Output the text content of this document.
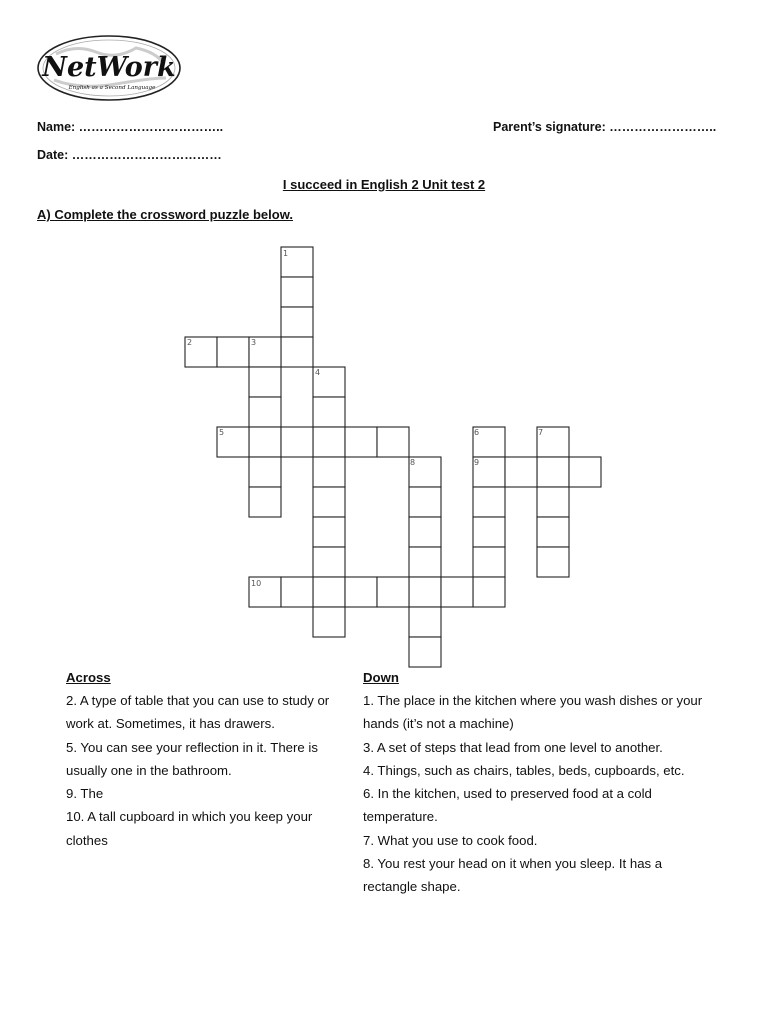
NetWork
English as a Second Language
Name: ……………………………..	Parent’s signature: ……………………..
Date: ………………………………
I succeed in English 2 Unit test 2
A) Complete the crossword puzzle below.
1
2	3
4
5	6	7
8	9
10
Across

2. A type of table that you can use to study or work at. Sometimes, it has drawers.

5. You can see your reflection in it. There is usually one in the bathroom.

9. The

10. A tall cupboard in which you keep your clothes

Down

1. The place in the kitchen where you wash dishes or your hands (it’s not a machine)

3. A set of steps that lead from one level to another.

4. Things, such as chairs, tables, beds, cupboards, etc.

6. In the kitchen, used to preserved food at a cold temperature.

7. What you use to cook food.

8. You rest your head on it when you sleep. It has a rectangle shape.
